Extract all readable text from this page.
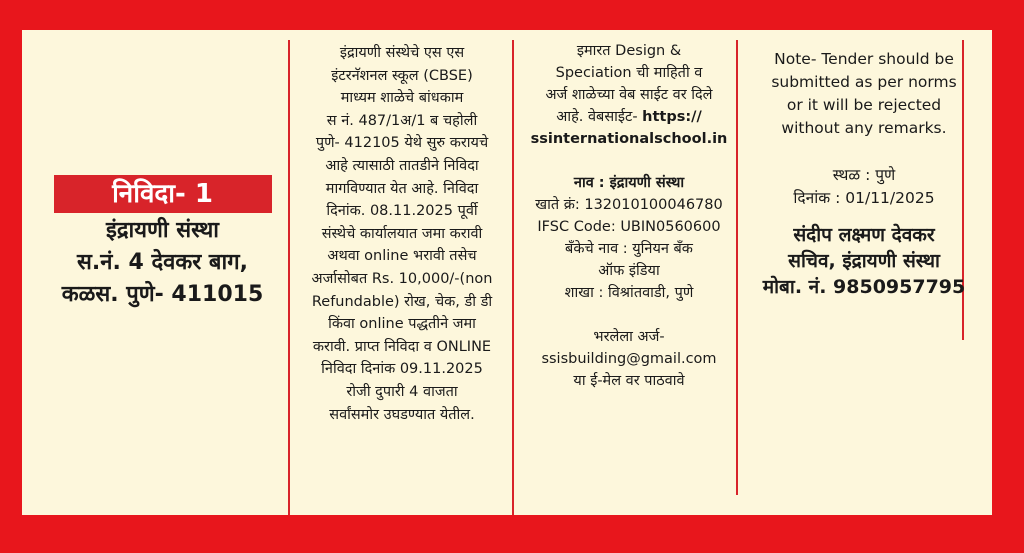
निविदा- 1
इंद्रायणी संस्था
स.नं. 4 देवकर बाग,
कळस. पुणे- 411015
इंद्रायणी संस्थेचे एस एस
इंटरनॅशनल स्कूल (CBSE)
माध्यम शाळेचे बांधकाम
स नं. 487/1अ/1 ब चहोली
पुणे- 412105 येथे सुरु करायचे
आहे त्यासाठी तातडीने निविदा
मागविण्यात येत आहे. निविदा
दिनांक. 08.11.2025 पूर्वी
संस्थेचे कार्यालयात जमा करावी
अथवा online भरावी तसेच
अर्जासोबत Rs. 10,000/-(non
Refundable) रोख, चेक, डी डी
किंवा online पद्धतीने जमा
करावी. प्राप्त निविदा व ONLINE
निविदा दिनांक 09.11.2025
रोजी दुपारी 4 वाजता
सर्वांसमोर उघडण्यात येतील.
इमारत Design &
Speciation ची माहिती व
अर्ज शाळेच्या वेब साईट वर दिले
आहे. वेबसाईट- https://
ssinternationalschool.in
नाव : इंद्रायणी संस्था
खाते क्रं: 132010100046780
IFSC Code: UBIN0560600
बँकेचे नाव : युनियन बँक
ऑफ इंडिया
शाखा : विश्रांतवाडी, पुणे
भरलेला अर्ज-
ssisbuilding@gmail.com
या ई-मेल वर पाठवावे
Note- Tender should be
submitted as per norms
or it will be rejected
without any remarks.
स्थळ : पुणे
दिनांक : 01/11/2025
संदीप लक्ष्मण देवकर
सचिव, इंद्रायणी संस्था
मोबा. नं. 9850957795
